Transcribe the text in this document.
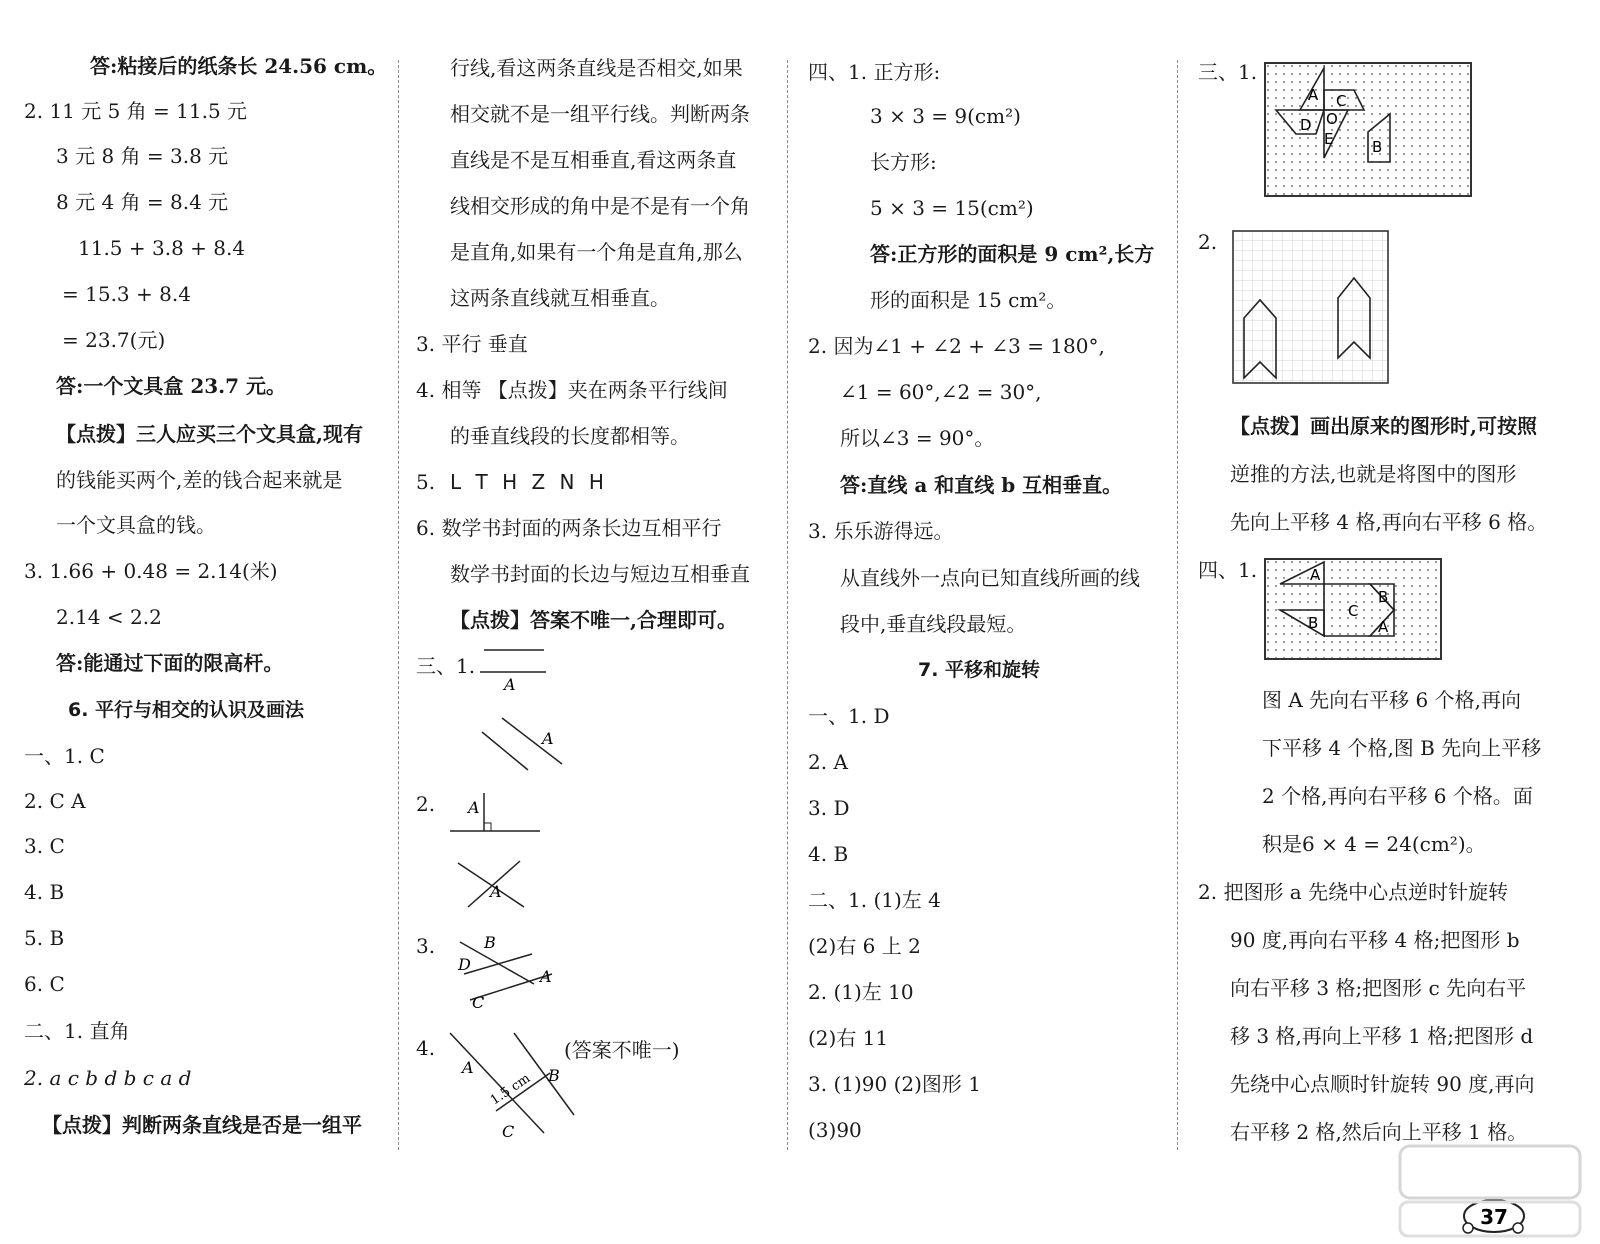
答:粘接后的纸条长 24.56 cm。
2. 11 元 5 角 = 11.5 元
3 元 8 角 = 3.8 元
8 元 4 角 = 8.4 元
11.5 + 3.8 + 8.4
= 15.3 + 8.4
= 23.7(元)
答:一个文具盒 23.7 元。
【点拨】三人应买三个文具盒,现有
的钱能买两个,差的钱合起来就是
一个文具盒的钱。
3. 1.66 + 0.48 = 2.14(米)
2.14 < 2.2
答:能通过下面的限高杆。
6. 平行与相交的认识及画法
一、1. C
2. C A
3. C
4. B
5. B
6. C
二、1. 直角
2. a c b d b c a d
【点拨】判断两条直线是否是一组平
行线,看这两条直线是否相交,如果
相交就不是一组平行线。判断两条
直线是不是互相垂直,看这两条直
线相交形成的角中是不是有一个角
是直角,如果有一个角是直角,那么
这两条直线就互相垂直。
3. 平行 垂直
4. 相等 【点拨】夹在两条平行线间
的垂直线段的长度都相等。
5. L T H Z N H
6. 数学书封面的两条长边互相平行
数学书封面的长边与短边互相垂直
【点拨】答案不唯一,合理即可。
三、1.
2.
3.
4.	(答案不唯一)
A
A
A
A
B
D
A
C
A	B
C
1.5 cm
四、1. 正方形:
3 × 3 = 9(cm²)
长方形:
5 × 3 = 15(cm²)
答:正方形的面积是 9 cm²,长方
形的面积是 15 cm²。
2. 因为∠1 + ∠2 + ∠3 = 180°,
∠1 = 60°,∠2 = 30°,
所以∠3 = 90°。
答:直线 a 和直线 b 互相垂直。
3. 乐乐游得远。
从直线外一点向已知直线所画的线
段中,垂直线段最短。
7. 平移和旋转
一、1. D
2. A
3. D
4. B
二、1. (1)左 4
(2)右 6 上 2
2. (1)左 10
(2)右 11
3. (1)90 (2)图形 1
(3)90
三、1.
2.
【点拨】画出原来的图形时,可按照
逆推的方法,也就是将图中的图形
先向上平移 4 格,再向右平移 6 格。
四、1.
图 A 先向右平移 6 个格,再向
下平移 4 个格,图 B 先向上平移
2 个格,再向右平移 6 个格。面
积是6 × 4 = 24(cm²)。
2. 把图形 a 先绕中心点逆时针旋转
90 度,再向右平移 4 格;把图形 b
向右平移 3 格;把图形 c 先向右平
移 3 格,再向上平移 1 格;把图形 d
先绕中心点顺时针旋转 90 度,再向
右平移 2 格,然后向上平移 1 格。
A C
D O
E	B
A
B
C
B
A
37
